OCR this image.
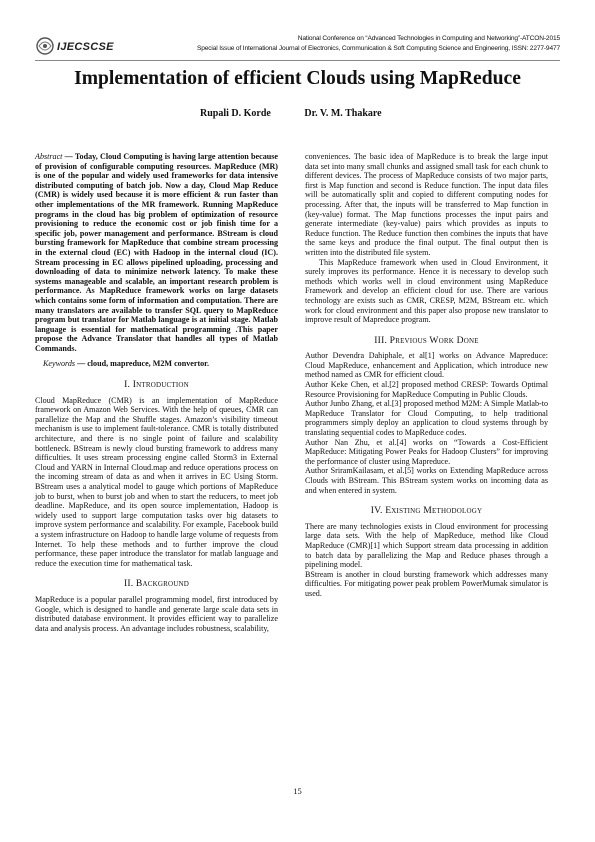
IJECSCSE
National Conference on “Advanced Technologies in Computing and Networking”-ATCON-2015
Special Issue of International Journal of Electronics, Communication & Soft Computing Science and Engineering, ISSN: 2277-9477
Implementation of efficient Clouds using MapReduce
Rupali D. Korde	Dr. V. M. Thakare

Abstract — Today, Cloud Computing is having large attention because of provision of configurable computing resources. MapReduce (MR) is one of the popular and widely used frameworks for data intensive distributed computing of batch job. Now a day, Cloud Map Reduce (CMR) is widely used because it is more efficient & run faster than other implementations of the MR framework. Running MapReduce programs in the cloud has big problem of optimization of resource provisioning to reduce the economic cost or job finish time for a specific job, power management and performance. BStream is cloud bursting framework for MapReduce that combine stream processing in the external cloud (EC) with Hadoop in the internal cloud (IC). Stream processing in EC allows pipelined uploading, processing and downloading of data to minimize network latency. To make these systems manageable and scalable, an important research problem is performance. As MapReduce framework works on large datasets which contains some form of information and computation. There are many translators are available to transfer SQL query to MapReduce program but translator for Matlab language is at initial stage. Matlab language is essential for mathematical programming .This paper propose the Advance Translator that handles all types of Matlab Commands.

Keywords — cloud, mapreduce, M2M convertor.

I. Introduction

Cloud MapReduce (CMR) is an implementation of MapReduce framework on Amazon Web Services. With the help of queues, CMR can parallelize the Map and the Shuffle stages. Amazon’s visibility timeout mechanism is use to implement fault-tolerance. CMR is totally distributed architecture, and there is no single point of failure and scalability bottleneck. BStream is newly cloud bursting framework to address many difficulties. It uses stream processing engine called Storm3 in External Cloud and YARN in Internal Cloud.map and reduce operations process on the incoming stream of data as and when it arrives in EC Using Storm. BStream uses a analytical model to gauge which portions of MapReduce job to burst, when to burst job and when to start the reducers, to meet job deadline. MapReduce, and its open source implementation, Hadoop is widely used to support large computation tasks over big datasets to improve system performance and scalability. For example, Facebook build a system infrastructure on Hadoop to handle large volume of requests from Internet. To help these methods and to further improve the cloud performance, these paper introduce the translator for matlab language and reduce the execution time for mathematical task.

II. Background

MapReduce is a popular parallel programming model, first introduced by Google, which is designed to handle and generate large scale data sets in distributed database environment. It provides efficient way to parallelize data and analysis process. An advantage includes robustness, scalability,

conveniences. The basic idea of MapReduce is to break the large input data set into many small chunks and assigned small task for each chunk to different devices. The process of MapReduce consists of two major parts, first is Map function and second is Reduce function. The input data files will be automatically split and copied to different computing nodes for processing. After that, the inputs will be transferred to Map function in (key-value) format. The Map functions processes the input pairs and generate intermediate (key-value) pairs which provides as inputs to Reduce function. The Reduce function then combines the inputs that have the same keys and produce the final output. The final output then is written into the distributed file system.

This MapReduce framework when used in Cloud Environment, it surely improves its performance. Hence it is necessary to develop such methods which works well in cloud environment using MapReduce Framework and develop an efficient cloud for use. There are various technology are exists such as CMR, CRESP, M2M, BStream etc. which work for cloud environment and this paper also propose new translator to improve result of Mapreduce program.

III. Previous Work Done

Author Devendra Dahiphale, et al[1] works on Advance Mapreduce: Cloud MapReduce, enhancement and Application, which introduce new method named as CMR for efficient cloud.

Author Keke Chen, et al.[2] proposed method CRESP: Towards Optimal Resource Provisioning for MapReduce Computing in Public Clouds.

Author Junbo Zhang, et al.[3] proposed method M2M: A Simple Matlab-to MapReduce Translator for Cloud Computing, to help traditional programmers simply deploy an application to cloud systems through by translating sequential codes to MapReduce codes.

Author Nan Zhu, et al.[4] works on “Towards a Cost-Efficient MapReduce: Mitigating Power Peaks for Hadoop Clusters” for improving the performance of cluster using Mapreduce.

Author SriramKailasam, et al.[5] works on Extending MapReduce across Clouds with BStream. This BStream system works on incoming data as and when entered in system.

IV. Existing Methodology

There are many technologies exists in Cloud environment for processing large data sets. With the help of MapReduce, method like Cloud MapReduce (CMR)[1] which Support stream data processing in addition to batch data by parallelizing the Map and Reduce phases through a pipelining model.

BStream is another in cloud bursting framework which addresses many difficulties. For mitigating power peak problem PowerMumak simulator is used.

15
